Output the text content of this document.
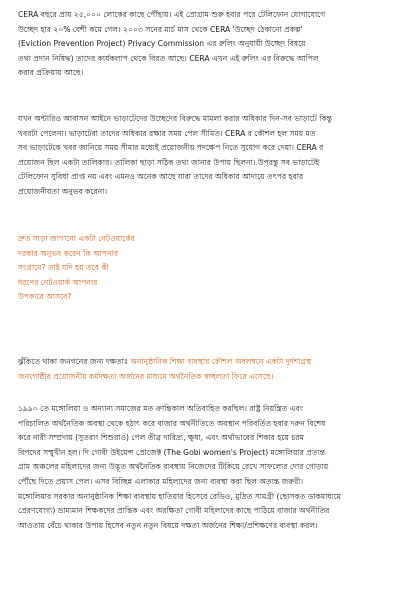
CERA বছরে প্রায় ২৫,০০০ লোকের কাছে পৌঁছায়। এই প্রোগ্রাম শুরু হবার পরে টেলিফোন যোগাযোগে
উচ্ছেদ হার ২০% বেশী কমে গেল। ২০০৩ সনের মার্চ মাস থেকে CERA 'উচ্ছেদ ঠেকানো প্রকল্প'
(Eviction Prevention Project) Privacy Commission এর রুলিং অনুযায়ী উচ্ছেদ বিষয়ে
তথ্য প্রদান নিষিদ্ধ) তাদের কার্যকলাপ থেকে বিরত আছে। CERA এখন এই রুলিং এর বিরুদ্ধে আপিল
করার প্রক্রিয়ায় আছে।
যখন অন্টারিও আবাসন আইনে ভাড়াটেদের উচ্ছেদের বিরুদ্ধে মামলা করার অধিকার দিন-সব ভাড়াটে কিন্তু
খবরটা পেলেনা। ভাড়াটেরা তাদের অধিকার রক্ষার সময় পেল সীমিত। CERA র কৌশল হল সময় মত
সব ভাড়াটেকে খবর জানিয়ে সময় সীমার মধ্যেই প্রয়োজনীয় পদক্ষেপ নিতে সুযোগ করে দেয়া। CERA র
প্রয়োজন ছিল একটা তালিকার। তালিকা ছাড়া সঠিক তথ্য জানার উপায় ছিলনা। উপরন্তু সব ভাড়াটেই
টেলিফোন সুবিধা প্রাপ্ত নয় এবং এমনও অনেক আছে যারা তাদের অধিকার আদায়ে তৎপর হবার
প্রয়োজনীয়তা অনুভব করেনা।
দ্রুত সাড়া জাগানো একটা নেটওয়ার্কের
দরকার অনুভব করেন কি আপনার
সংগ্রামে? তাই যদি হয় তবে কী
ধরণের নেটওয়ার্ক আপনার
উপকারে আসবে?
ঝুঁকিতে থাকা জনগনের জন্য দক্ষতাঃ অনানুষ্ঠানিক শিক্ষা ব্যবস্থার কৌশল অবলম্বনে একটা দুর্দশাগ্রস্থ
জনগোষ্ঠীর প্রয়োজনীয় কর্মদক্ষতা অর্জনের মাধ্যমে অর্থনৈতিক স্বচ্ছলতা ফিরে এসেছে।
১৯৯০ তে মঙ্গোলিয়া ও অন্যান্য সমাজের মত ক্রান্তিকাল অতিবাহিত করছিল। রাষ্ট্র নিয়ন্ত্রিত এবং
পরিচালিত অর্থনৈতিক অবস্থা থেকে হঠাৎ করে বাজার অর্থনীতিতে অবস্থান পরিবর্তিত হবার দরুন বিশেষ
করে নারী সম্প্রদায় (সুতরাং শিশুরাও) পেল তীব্র দারিদ্র্য, ক্ষুধা, এবং অর্থাভাবের শিকার হয়ে চরম
বিপদের সম্মুখীন হল। দি গোবী উইমেন্স প্রোজেক্ট (The Gobi women's Project) মঙ্গোলিয়ার প্রত্যন্ত
গ্রাম অঞ্চলের মহিলাদের জন্য উদ্ভূত অর্থনৈতিক ব্যবস্থায় নিজেদের টিকিয়ে রেখে সাফল্যের দোর গোড়ায়
পৌঁছে দিতে প্রয়াস পেল। এসব বিচ্ছিন্ন এলাকার মহিলাদের জন্য ব্যবস্থা করা ছিল অত্যন্ত জরুরী।
মঙ্গোলিয়ার সরকার অনানুষ্ঠানিক শিক্ষা ব্যবস্থায় হাতিয়ার হিসেবে রেডিও, মুদ্রিত সামগ্রী (ছোসকত ডাকমাধ্যমে
প্রেরণযোগ্য) ভ্রাম্যমান শিক্ষকদের প্রান্তিক এবং অরক্ষিতা গোবী মহিলাদের কাছে পাঠিয়ে বাজার অর্থনীতির
আওতায় বেঁচে থাকার উপায় হিসেব নতুন নতুন বিষয়ে দক্ষতা অর্জনের শিক্ষা/প্রশিক্ষণের ব্যবস্থা করল।
